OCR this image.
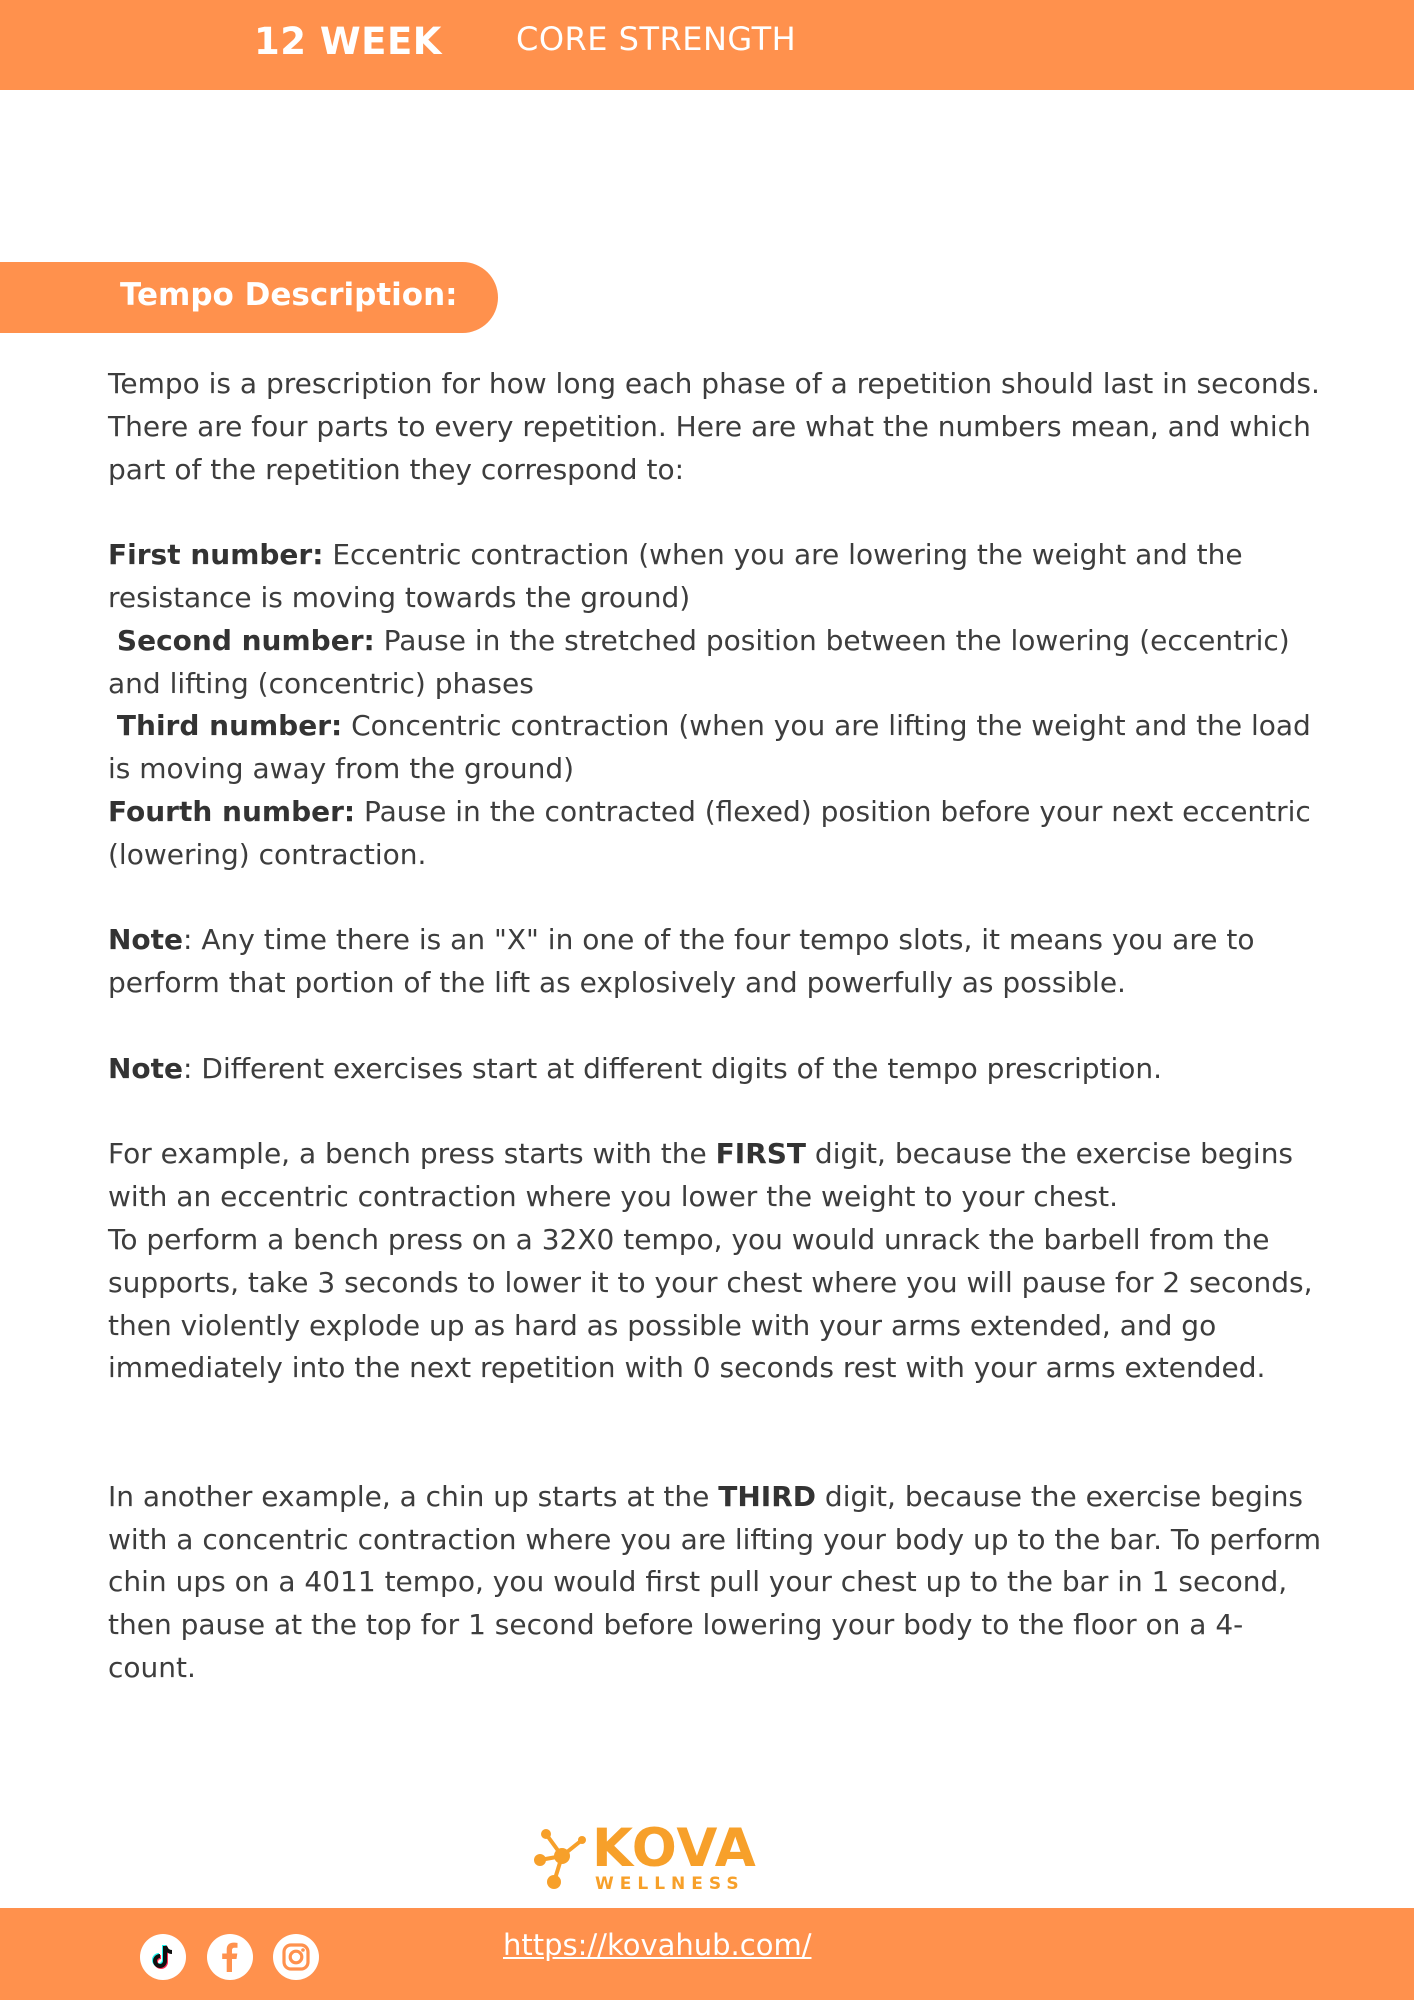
12 WEEK CORE STRENGTH
Tempo Description:

Tempo is a prescription for how long each phase of a repetition should last in seconds. There are four parts to every repetition. Here are what the numbers mean, and which part of the repetition they correspond to:

First number: Eccentric contraction (when you are lowering the weight and the resistance is moving towards the ground)

Second number: Pause in the stretched position between the lowering (eccentric) and lifting (concentric) phases

Third number: Concentric contraction (when you are lifting the weight and the load is moving away from the ground)

Fourth number: Pause in the contracted (flexed) position before your next eccentric (lowering) contraction.

Note: Any time there is an "X" in one of the four tempo slots, it means you are to perform that portion of the lift as explosively and powerfully as possible.

Note: Different exercises start at different digits of the tempo prescription.

For example, a bench press starts with the FIRST digit, because the exercise begins with an eccentric contraction where you lower the weight to your chest.

To perform a bench press on a 32X0 tempo, you would unrack the barbell from the supports, take 3 seconds to lower it to your chest where you will pause for 2 seconds, then violently explode up as hard as possible with your arms extended, and go immediately into the next repetition with 0 seconds rest with your arms extended.

In another example, a chin up starts at the THIRD digit, because the exercise begins with a concentric contraction where you are lifting your body up to the bar. To perform chin ups on a 4011 tempo, you would first pull your chest up to the bar in 1 second, then pause at the top for 1 second before lowering your body to the floor on a 4-count.

KOVA
WELLNESS
https://kovahub.com/
